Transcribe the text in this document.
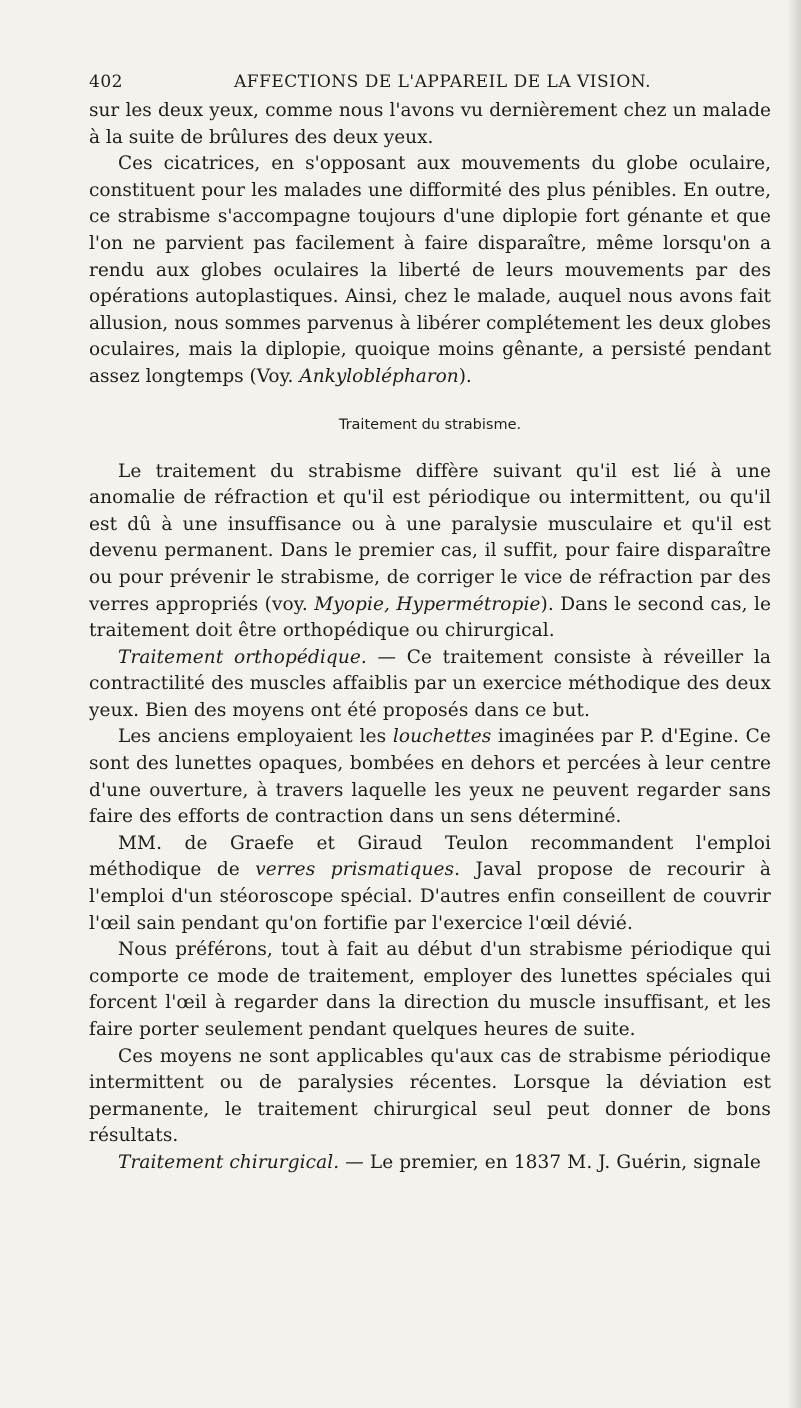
402	AFFECTIONS DE L'APPAREIL DE LA VISION.

sur les deux yeux, comme nous l'avons vu dernièrement chez un malade à la suite de brûlures des deux yeux.

Ces cicatrices, en s'opposant aux mouvements du globe oculaire, constituent pour les malades une difformité des plus pénibles. En outre, ce strabisme s'accompagne toujours d'une diplopie fort génante et que l'on ne parvient pas facilement à faire disparaître, même lorsqu'on a rendu aux globes oculaires la liberté de leurs mouvements par des opérations autoplastiques. Ainsi, chez le malade, auquel nous avons fait allusion, nous sommes parvenus à libérer complétement les deux globes oculaires, mais la diplopie, quoique moins gênante, a persisté pendant assez longtemps (Voy. Ankyloblépharon).

Traitement du strabisme.

Le traitement du strabisme diffère suivant qu'il est lié à une anomalie de réfraction et qu'il est périodique ou intermittent, ou qu'il est dû à une insuffisance ou à une paralysie musculaire et qu'il est devenu permanent. Dans le premier cas, il suffit, pour faire disparaître ou pour prévenir le strabisme, de corriger le vice de réfraction par des verres appropriés (voy. Myopie, Hypermétropie). Dans le second cas, le traitement doit être orthopédique ou chirurgical.

Traitement orthopédique. — Ce traitement consiste à réveiller la contractilité des muscles affaiblis par un exercice méthodique des deux yeux. Bien des moyens ont été proposés dans ce but.

Les anciens employaient les louchettes imaginées par P. d'Egine. Ce sont des lunettes opaques, bombées en dehors et percées à leur centre d'une ouverture, à travers laquelle les yeux ne peuvent regarder sans faire des efforts de contraction dans un sens déterminé.

MM. de Graefe et Giraud Teulon recommandent l'emploi méthodique de verres prismatiques. Javal propose de recourir à l'emploi d'un stéoroscope spécial. D'autres enfin conseillent de couvrir l'œil sain pendant qu'on fortifie par l'exercice l'œil dévié.

Nous préférons, tout à fait au début d'un strabisme périodique qui comporte ce mode de traitement, employer des lunettes spéciales qui forcent l'œil à regarder dans la direction du muscle insuffisant, et les faire porter seulement pendant quelques heures de suite.

Ces moyens ne sont applicables qu'aux cas de strabisme périodique intermittent ou de paralysies récentes. Lorsque la déviation est permanente, le traitement chirurgical seul peut donner de bons résultats.

Traitement chirurgical. — Le premier, en 1837 M. J. Guérin, signale
